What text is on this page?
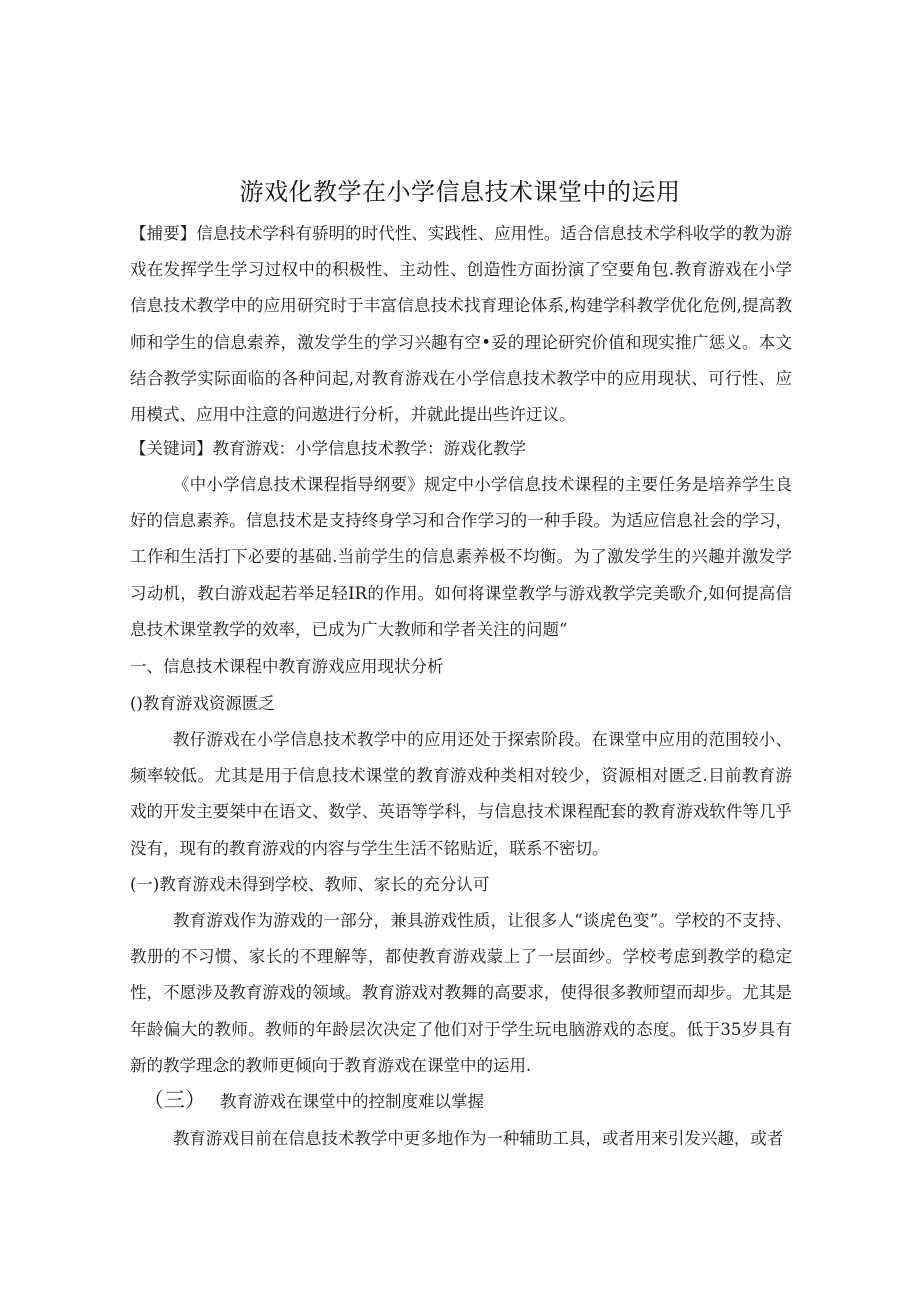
游戏化教学在小学信息技术课堂中的运用

【捕要】信息技术学科有骄明的时代性、实践性、应用性。适合信息技术学科收学的教为游戏在发挥学生学习过权中的积极性、主动性、创造性方面扮演了空要角包.教育游戏在小学信息技术教学中的应用研究时于丰富信息技术找育理论体系,构建学科教学优化危例,提高教师和学生的信息索养，激发学生的学习兴趣有空•妥的理论研究价值和现实推广惩义。本文结合教学实际面临的各种问起,对教育游戏在小学信息技术教学中的应用现状、可行性、应用模式、应用中注意的问遨进行分析，并就此提出些许迂议。

【关键词】教育游戏：小学信息技术教学：游戏化教学

《中小学信息技术课程指导纲要》规定中小学信息技术课程的主要任务是培养学生良好的信息素养。信息技术是支持终身学习和合作学习的一种手段。为适应信息社会的学习，工作和生活打下必要的基础.当前学生的信息素养极不均衡。为了激发学生的兴趣并激发学习动机，教白游戏起若举足轻IR的作用。如何将课堂教学与游戏教学完美歌介,如何提高信息技术课堂教学的效率，已成为广大教师和学者关注的问题“

一、信息技术课程中教育游戏应用现状分析

()教育游戏资源匮乏

教仔游戏在小学信息技术教学中的应用还处于探索阶段。在课堂中应用的范围较小、频率较低。尤其是用于信息技术课堂的教育游戏种类相对较少，资源相对匮乏.目前教育游戏的开发主要桀中在语文、数学、英语等学科，与信息技术课程配套的教育游戏软件等几乎没有，现有的教育游戏的内容与学生生活不铭贴近，联系不密切。

(一)教育游戏未得到学校、教师、家长的充分认可

教育游戏作为游戏的一部分，兼具游戏性质，让很多人“谈虎色变”。学校的不支持、教册的不习惯、家长的不理解等，都使教育游戏蒙上了一层面纱。学校考虑到教学的稳定性，不愿涉及教育游戏的领域。教育游戏对教舞的高要求，使得很多教师望而却步。尤其是年龄偏大的教师。教师的年龄层次决定了他们对于学生玩电脑游戏的态度。低于35岁具有新的教学理念的教师更倾向于教育游戏在课堂中的运用.

（三） 教育游戏在课堂中的控制度难以掌握

教育游戏目前在信息技术教学中更多地作为一种辅助工具，或者用来引发兴趣，或者
